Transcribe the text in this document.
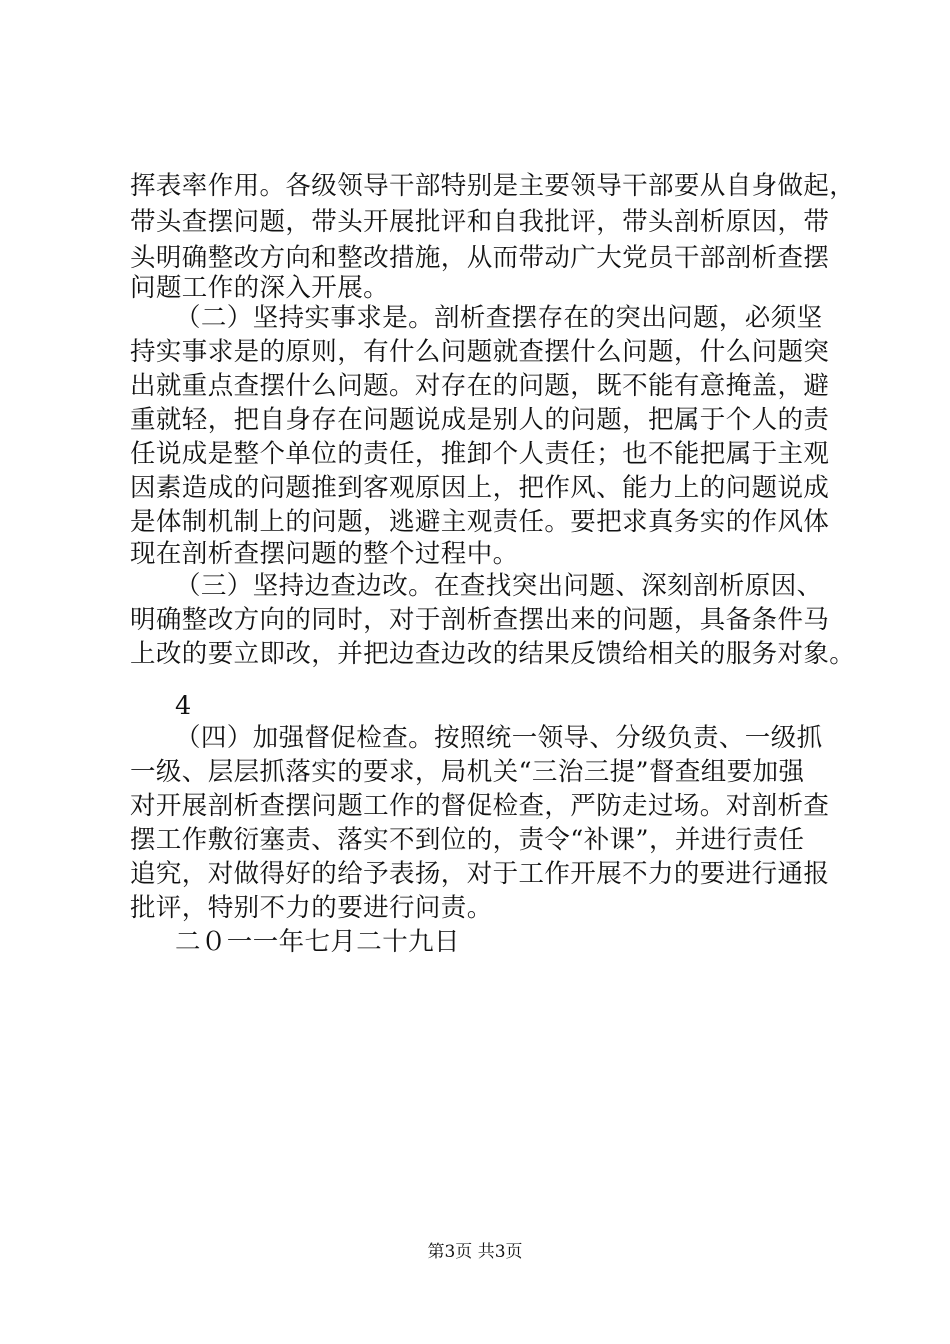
挥表率作用。各级领导干部特别是主要领导干部要从自身做起，
带头查摆问题，带头开展批评和自我批评，带头剖析原因，带
头明确整改方向和整改措施，从而带动广大党员干部剖析查摆
问题工作的深入开展。
（二）坚持实事求是。剖析查摆存在的突出问题，必须坚
持实事求是的原则，有什么问题就查摆什么问题，什么问题突
出就重点查摆什么问题。对存在的问题，既不能有意掩盖，避
重就轻，把自身存在问题说成是别人的问题，把属于个人的责
任说成是整个单位的责任，推卸个人责任；也不能把属于主观
因素造成的问题推到客观原因上，把作风、能力上的问题说成
是体制机制上的问题，逃避主观责任。要把求真务实的作风体
现在剖析查摆问题的整个过程中。
（三）坚持边查边改。在查找突出问题、深刻剖析原因、
明确整改方向的同时，对于剖析查摆出来的问题，具备条件马
上改的要立即改，并把边查边改的结果反馈给相关的服务对象。
4
（四）加强督促检查。按照统一领导、分级负责、一级抓
一级、层层抓落实的要求，局机关“三治三提”督查组要加强
对开展剖析查摆问题工作的督促检查，严防走过场。对剖析查
摆工作敷衍塞责、落实不到位的，责令“补课”，并进行责任
追究，对做得好的给予表扬，对于工作开展不力的要进行通报
批评，特别不力的要进行问责。
二０一一年七月二十九日
第3页 共3页
